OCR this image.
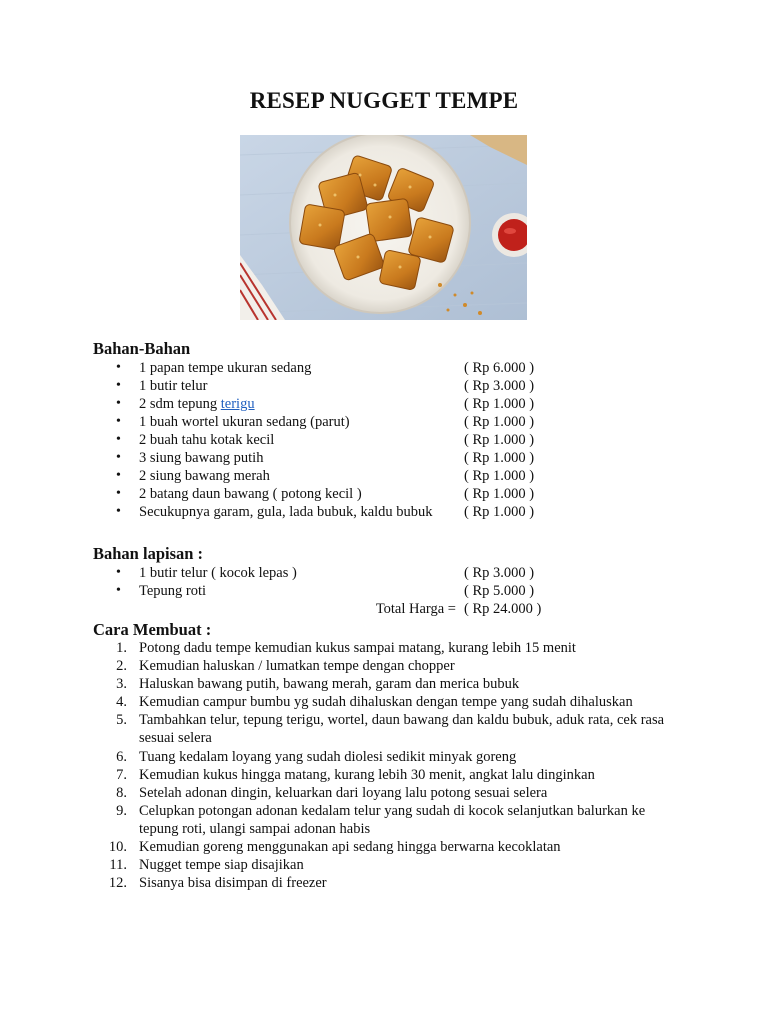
RESEP NUGGET TEMPE
Bahan-Bahan
• 1 papan tempe ukuran sedang	( Rp 6.000 )
• 1 butir telur	( Rp 3.000 )
• 2 sdm tepung terigu	( Rp 1.000 )
• 1 buah wortel ukuran sedang (parut)	( Rp 1.000 )
• 2 buah tahu kotak kecil	( Rp 1.000 )
• 3 siung bawang putih	( Rp 1.000 )
• 2 siung bawang merah	( Rp 1.000 )
• 2 batang daun bawang ( potong kecil )	( Rp 1.000 )
• Secukupnya garam, gula, lada bubuk, kaldu bubuk ( Rp 1.000 )
Bahan lapisan :
• 1 butir telur ( kocok lepas )	( Rp 3.000 )
• Tepung roti	( Rp 5.000 )
Total Harga = ( Rp 24.000 )
Cara Membuat :
1. Potong dadu tempe kemudian kukus sampai matang, kurang lebih 15 menit
2. Kemudian haluskan / lumatkan tempe dengan chopper
3. Haluskan bawang putih, bawang merah, garam dan merica bubuk
4. Kemudian campur bumbu yg sudah dihaluskan dengan tempe yang sudah dihaluskan
5. Tambahkan telur, tepung terigu, wortel, daun bawang dan kaldu bubuk, aduk rata, cek rasa sesuai selera
6. Tuang kedalam loyang yang sudah diolesi sedikit minyak goreng
7. Kemudian kukus hingga matang, kurang lebih 30 menit, angkat lalu dinginkan
8. Setelah adonan dingin, keluarkan dari loyang lalu potong sesuai selera
9. Celupkan potongan adonan kedalam telur yang sudah di kocok selanjutkan balurkan ke tepung roti, ulangi sampai adonan habis
10. Kemudian goreng menggunakan api sedang hingga berwarna kecoklatan
11. Nugget tempe siap disajikan
12. Sisanya bisa disimpan di freezer
